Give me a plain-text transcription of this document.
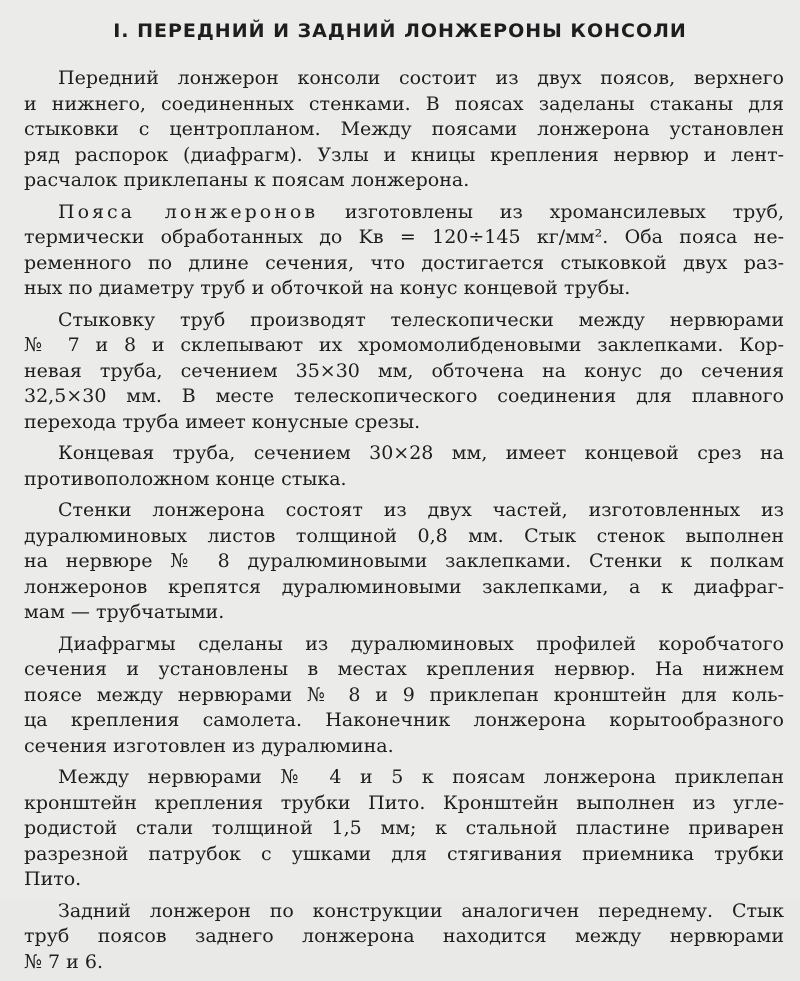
I. ПЕРЕДНИЙ И ЗАДНИЙ ЛОНЖЕРОНЫ КОНСОЛИ

Передний лонжерон консоли состоит из двух поясов, верхнего
и нижнего, соединенных стенками. В поясах заделаны стаканы для
стыковки с центропланом. Между поясами лонжерона установлен
ряд распорок (диафрагм). Узлы и кницы крепления нервюр и лент-
расчалок приклепаны к поясам лонжерона.

Пояса лонжеронов изготовлены из хромансилевых труб,
термически обработанных до Kв = 120÷145 кг/мм². Оба пояса не-
ременного по длине сечения, что достигается стыковкой двух раз-
ных по диаметру труб и обточкой на конус концевой трубы.

Стыковку труб производят телескопически между нервюрами
№ 7 и 8 и склепывают их хромомолибденовыми заклепками. Кор-
невая труба, сечением 35×30 мм, обточена на конус до сечения
32,5×30 мм. В месте телескопического соединения для плавного
перехода труба имеет конусные срезы.

Концевая труба, сечением 30×28 мм, имеет концевой срез на
противоположном конце стыка.

Стенки лонжерона состоят из двух частей, изготовленных из
дуралюминовых листов толщиной 0,8 мм. Стык стенок выполнен
на нервюре № 8 дуралюминовыми заклепками. Стенки к полкам
лонжеронов крепятся дуралюминовыми заклепками, а к диафраг-
мам — трубчатыми.

Диафрагмы сделаны из дуралюминовых профилей коробчатого
сечения и установлены в местах крепления нервюр. На нижнем
поясе между нервюрами № 8 и 9 приклепан кронштейн для коль-
ца крепления самолета. Наконечник лонжерона корытообразного
сечения изготовлен из дуралюмина.

Между нервюрами № 4 и 5 к поясам лонжерона приклепан
кронштейн крепления трубки Пито. Кронштейн выполнен из угле-
родистой стали толщиной 1,5 мм; к стальной пластине приварен
разрезной патрубок с ушками для стягивания приемника трубки
Пито.

Задний лонжерон по конструкции аналогичен переднему. Стык
труб поясов заднего лонжерона находится между нервюрами
№ 7 и 6.
